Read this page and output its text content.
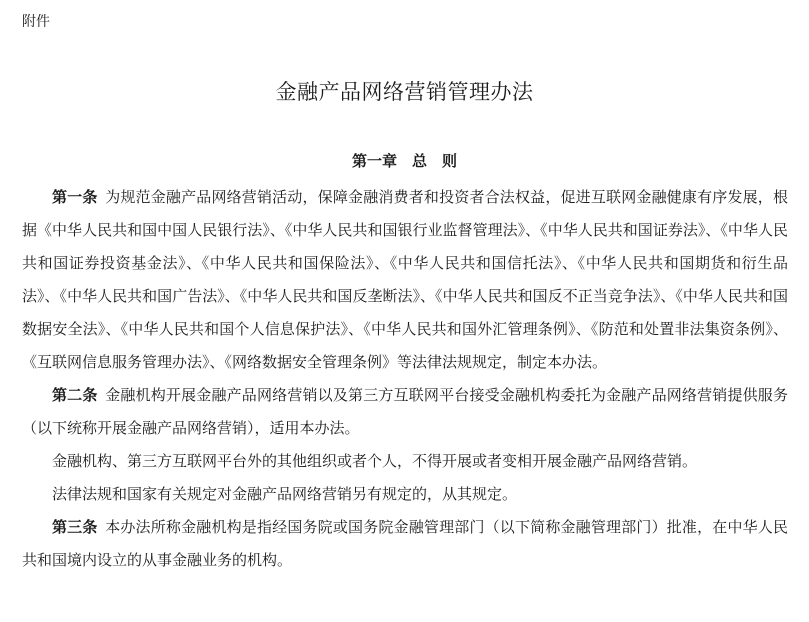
附件
金融产品网络营销管理办法
第一章　总　则

第一条  为规范金融产品网络营销活动，保障金融消费者和投资者合法权益，促进互联网金融健康有序发展，根据《中华人民共和国中国人民银行法》、《中华人民共和国银行业监督管理法》、《中华人民共和国证券法》、《中华人民共和国证券投资基金法》、《中华人民共和国保险法》、《中华人民共和国信托法》、《中华人民共和国期货和衍生品法》、《中华人民共和国广告法》、《中华人民共和国反垄断法》、《中华人民共和国反不正当竞争法》、《中华人民共和国数据安全法》、《中华人民共和国个人信息保护法》、《中华人民共和国外汇管理条例》、《防范和处置非法集资条例》、《互联网信息服务管理办法》、《网络数据安全管理条例》等法律法规规定，制定本办法。

第二条  金融机构开展金融产品网络营销以及第三方互联网平台接受金融机构委托为金融产品网络营销提供服务（以下统称开展金融产品网络营销），适用本办法。

金融机构、第三方互联网平台外的其他组织或者个人，不得开展或者变相开展金融产品网络营销。

法律法规和国家有关规定对金融产品网络营销另有规定的，从其规定。

第三条  本办法所称金融机构是指经国务院或国务院金融管理部门（以下简称金融管理部门）批准，在中华人民共和国境内设立的从事金融业务的机构。
